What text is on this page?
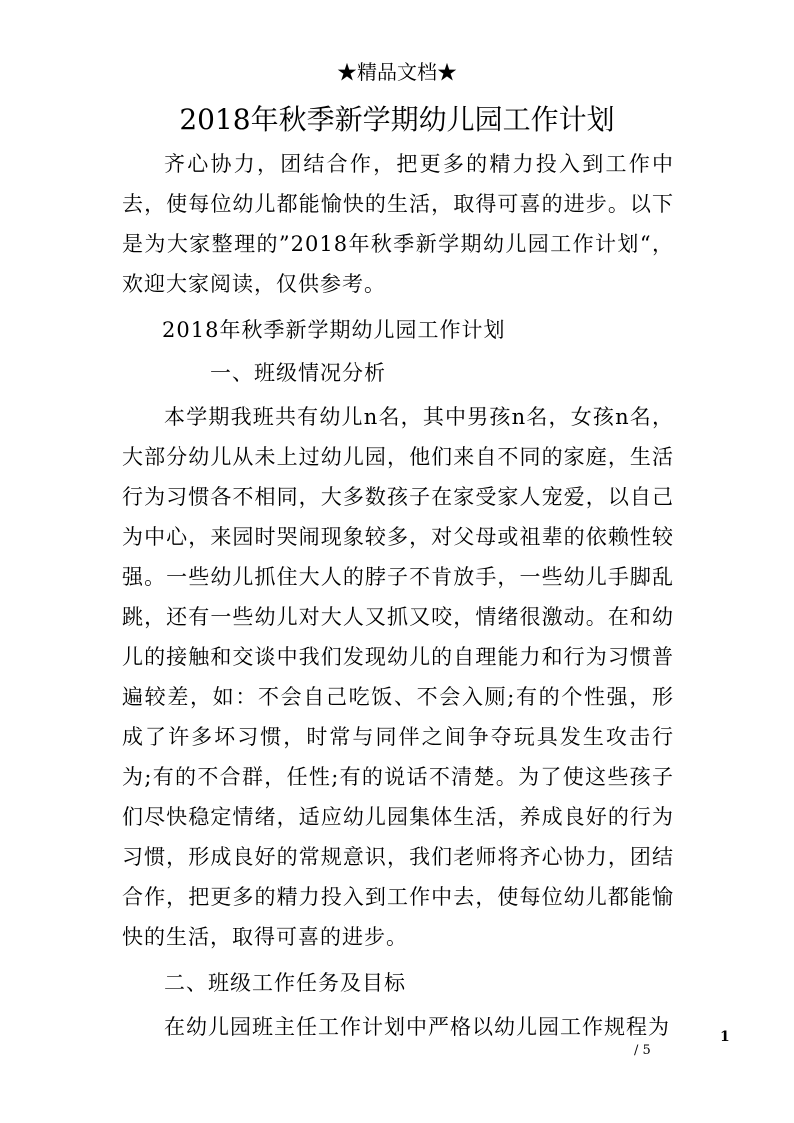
★精品文档★
2018年秋季新学期幼儿园工作计划

齐心协力，团结合作，把更多的精力投入到工作中去，使每位幼儿都能愉快的生活，取得可喜的进步。以下是为大家整理的”2018年秋季新学期幼儿园工作计划“，欢迎大家阅读，仅供参考。

2018年秋季新学期幼儿园工作计划

一、班级情况分析

本学期我班共有幼儿n名，其中男孩n名，女孩n名，大部分幼儿从未上过幼儿园，他们来自不同的家庭，生活行为习惯各不相同，大多数孩子在家受家人宠爱，以自己为中心，来园时哭闹现象较多，对父母或祖辈的依赖性较强。一些幼儿抓住大人的脖子不肯放手，一些幼儿手脚乱跳，还有一些幼儿对大人又抓又咬，情绪很激动。在和幼儿的接触和交谈中我们发现幼儿的自理能力和行为习惯普遍较差，如：不会自己吃饭、不会入厕;有的个性强，形成了许多坏习惯，时常与同伴之间争夺玩具发生攻击行为;有的不合群，任性;有的说话不清楚。为了使这些孩子们尽快稳定情绪，适应幼儿园集体生活，养成良好的行为习惯，形成良好的常规意识，我们老师将齐心协力，团结合作，把更多的精力投入到工作中去，使每位幼儿都能愉快的生活，取得可喜的进步。

二、班级工作任务及目标

在幼儿园班主任工作计划中严格以幼儿园工作规程为	1
/ 5
